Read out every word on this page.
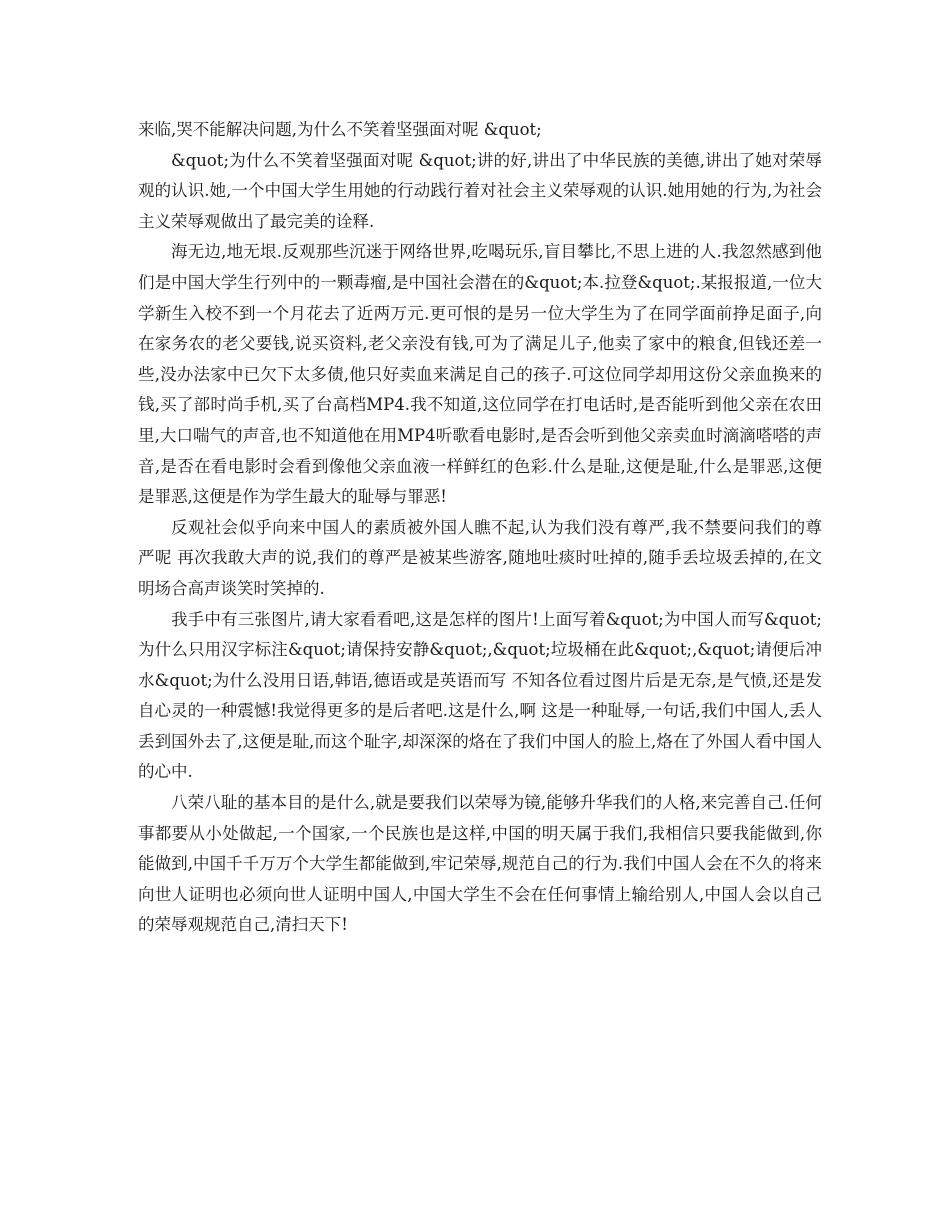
来临,哭不能解决问题,为什么不笑着坚强面对呢 &quot;

&quot;为什么不笑着坚强面对呢 &quot;讲的好,讲出了中华民族的美德,讲出了她对荣辱观的认识.她,一个中国大学生用她的行动践行着对社会主义荣辱观的认识.她用她的行为,为社会主义荣辱观做出了最完美的诠释.

海无边,地无垠.反观那些沉迷于网络世界,吃喝玩乐,盲目攀比,不思上进的人.我忽然感到他们是中国大学生行列中的一颗毒瘤,是中国社会潜在的&quot;本.拉登&quot;.某报报道,一位大学新生入校不到一个月花去了近两万元.更可恨的是另一位大学生为了在同学面前挣足面子,向在家务农的老父要钱,说买资料,老父亲没有钱,可为了满足儿子,他卖了家中的粮食,但钱还差一些,没办法家中已欠下太多债,他只好卖血来满足自己的孩子.可这位同学却用这份父亲血换来的钱,买了部时尚手机,买了台高档MP4.我不知道,这位同学在打电话时,是否能听到他父亲在农田里,大口喘气的声音,也不知道他在用MP4听歌看电影时,是否会听到他父亲卖血时滴滴嗒嗒的声音,是否在看电影时会看到像他父亲血液一样鲜红的色彩.什么是耻,这便是耻,什么是罪恶,这便是罪恶,这便是作为学生最大的耻辱与罪恶!

反观社会似乎向来中国人的素质被外国人瞧不起,认为我们没有尊严,我不禁要问我们的尊严呢 再次我敢大声的说,我们的尊严是被某些游客,随地吐痰时吐掉的,随手丢垃圾丢掉的,在文明场合高声谈笑时笑掉的.

我手中有三张图片,请大家看看吧,这是怎样的图片!上面写着&quot;为中国人而写&quot;为什么只用汉字标注&quot;请保持安静&quot;,&quot;垃圾桶在此&quot;,&quot;请便后冲水&quot;为什么没用日语,韩语,德语或是英语而写 不知各位看过图片后是无奈,是气愤,还是发自心灵的一种震憾!我觉得更多的是后者吧.这是什么,啊 这是一种耻辱,一句话,我们中国人,丢人丢到国外去了,这便是耻,而这个耻字,却深深的烙在了我们中国人的脸上,烙在了外国人看中国人的心中.

八荣八耻的基本目的是什么,就是要我们以荣辱为镜,能够升华我们的人格,来完善自己.任何事都要从小处做起,一个国家,一个民族也是这样,中国的明天属于我们,我相信只要我能做到,你能做到,中国千千万万个大学生都能做到,牢记荣辱,规范自己的行为.我们中国人会在不久的将来向世人证明也必须向世人证明中国人,中国大学生不会在任何事情上输给别人,中国人会以自己的荣辱观规范自己,清扫天下!
